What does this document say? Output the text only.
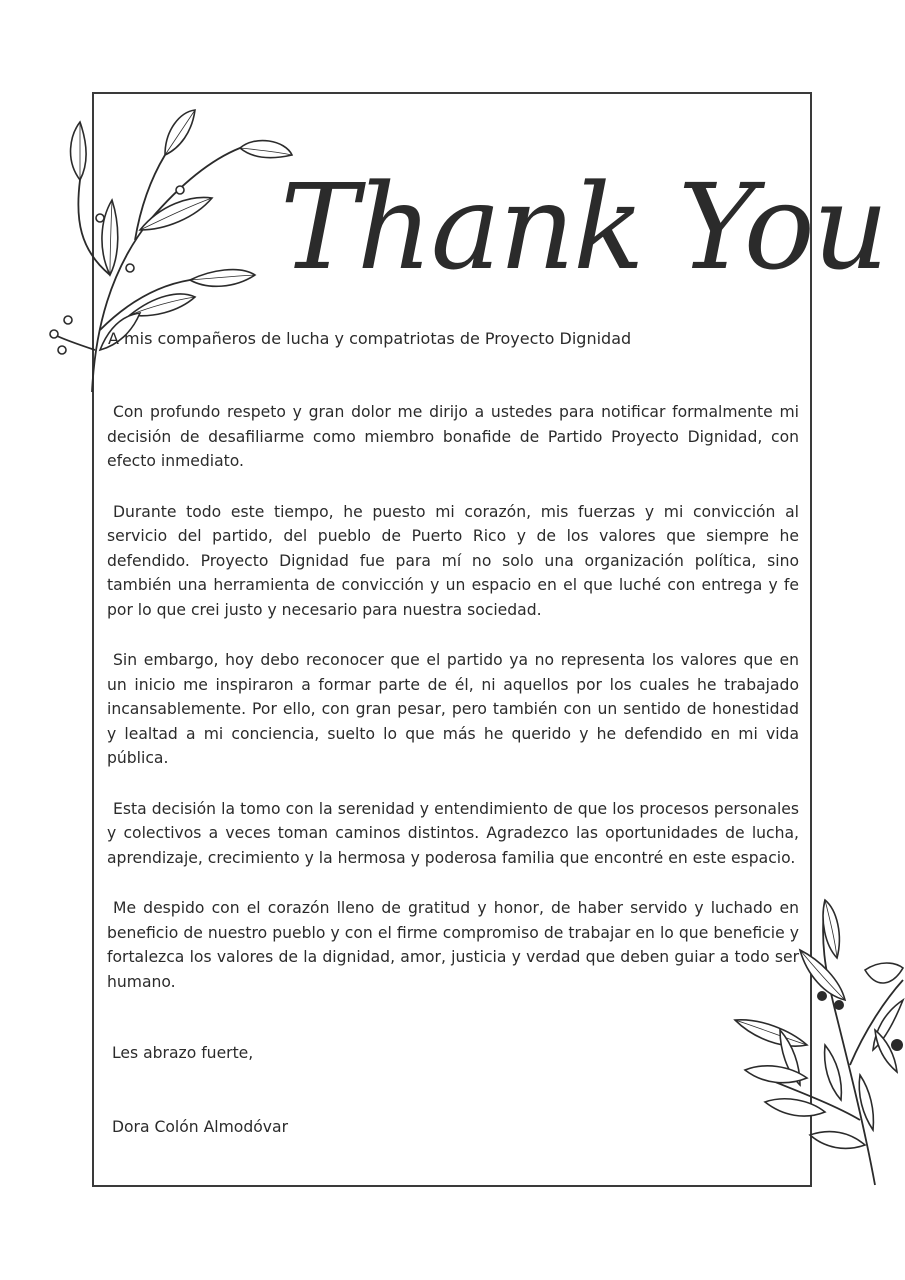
Thank You
A mis compañeros de lucha y compatriotas de Proyecto Dignidad

Con profundo respeto y gran dolor me dirijo a ustedes para notificar formalmente mi decisión de desafiliarme como miembro bonafide de Partido Proyecto Dignidad, con efecto inmediato.

Durante todo este tiempo, he puesto mi corazón, mis fuerzas y mi convicción al servicio del partido, del pueblo de Puerto Rico y de los valores que siempre he defendido. Proyecto Dignidad fue para mí no solo una organización política, sino también una herramienta de convicción y un espacio en el que luché con entrega y fe por lo que crei justo y necesario para nuestra sociedad.

Sin embargo, hoy debo reconocer que el partido ya no representa los valores que en un inicio me inspiraron a formar parte de él, ni aquellos por los cuales he trabajado incansablemente. Por ello, con gran pesar, pero también con un sentido de honestidad y lealtad a mi conciencia, suelto lo que más he querido y he defendido en mi vida pública.

Esta decisión la tomo con la serenidad y entendimiento de que los procesos personales y colectivos a veces toman caminos distintos. Agradezco las oportunidades de lucha, aprendizaje, crecimiento y la hermosa y poderosa familia que encontré en este espacio.

Me despido con el corazón lleno de gratitud y honor, de haber servido y luchado en beneficio de nuestro pueblo y con el firme compromiso de trabajar en lo que beneficie y fortalezca los valores de la dignidad, amor, justicia y verdad que deben guiar a todo ser humano.

Les abrazo fuerte,
Dora Colón Almodóvar
